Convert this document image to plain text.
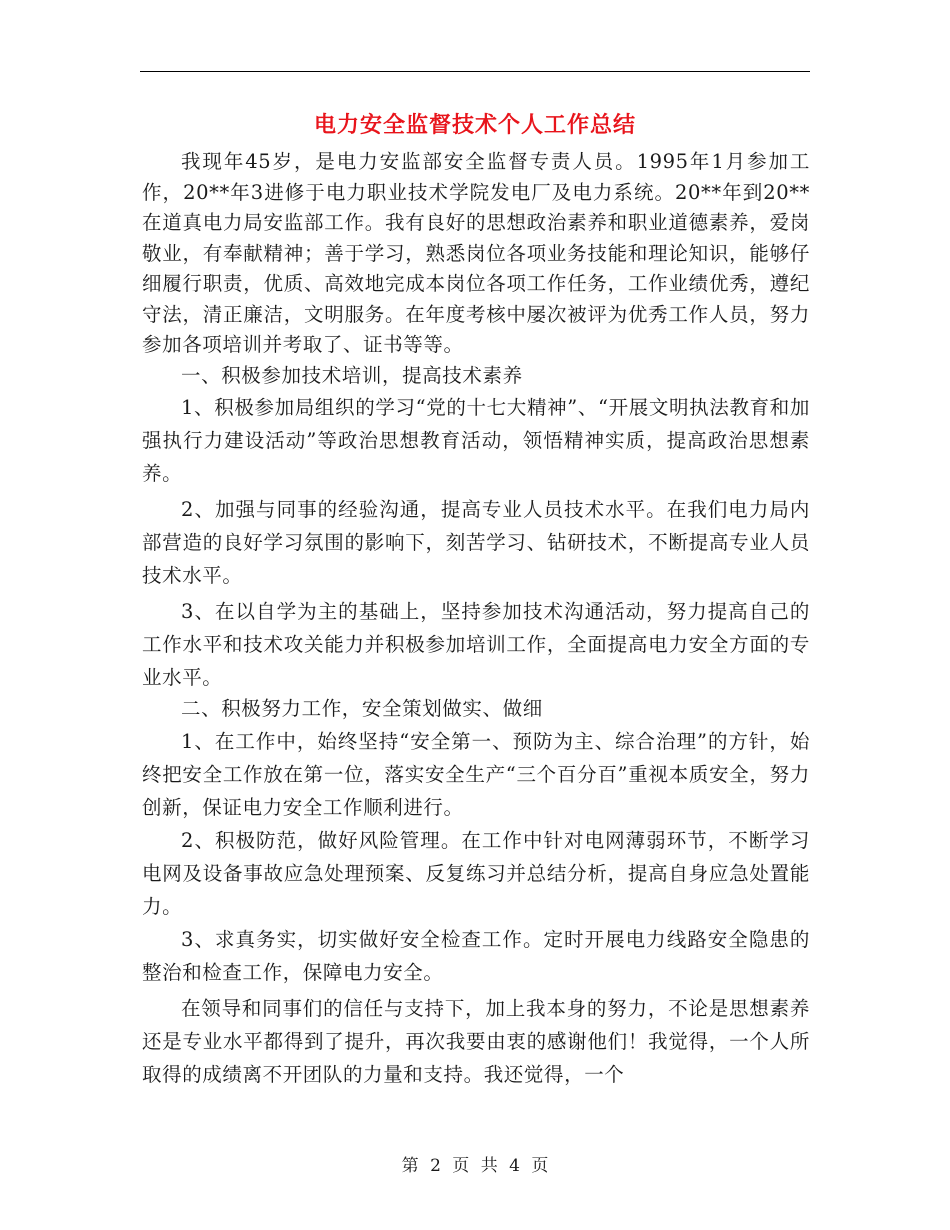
电力安全监督技术个人工作总结

我现年45岁，是电力安监部安全监督专责人员。1995年1月参加工作，20**年3进修于电力职业技术学院发电厂及电力系统。20**年到20**在道真电力局安监部工作。我有良好的思想政治素养和职业道德素养，爱岗敬业，有奉献精神；善于学习，熟悉岗位各项业务技能和理论知识，能够仔细履行职责，优质、高效地完成本岗位各项工作任务，工作业绩优秀，遵纪守法，清正廉洁，文明服务。在年度考核中屡次被评为优秀工作人员，努力参加各项培训并考取了、证书等等。

一、积极参加技术培训，提高技术素养

1、积极参加局组织的学习“党的十七大精神”、“开展文明执法教育和加强执行力建设活动”等政治思想教育活动，领悟精神实质，提高政治思想素养。

2、加强与同事的经验沟通，提高专业人员技术水平。在我们电力局内部营造的良好学习氛围的影响下，刻苦学习、钻研技术，不断提高专业人员技术水平。

3、在以自学为主的基础上，坚持参加技术沟通活动，努力提高自己的工作水平和技术攻关能力并积极参加培训工作，全面提高电力安全方面的专业水平。

二、积极努力工作，安全策划做实、做细

1、在工作中，始终坚持“安全第一、预防为主、综合治理”的方针，始终把安全工作放在第一位，落实安全生产“三个百分百”重视本质安全，努力创新，保证电力安全工作顺利进行。

2、积极防范，做好风险管理。在工作中针对电网薄弱环节，不断学习电网及设备事故应急处理预案、反复练习并总结分析，提高自身应急处置能力。

3、求真务实，切实做好安全检查工作。定时开展电力线路安全隐患的整治和检查工作，保障电力安全。

在领导和同事们的信任与支持下，加上我本身的努力，不论是思想素养还是专业水平都得到了提升，再次我要由衷的感谢他们！我觉得，一个人所取得的成绩离不开团队的力量和支持。我还觉得，一个

第 2 页 共 4 页
